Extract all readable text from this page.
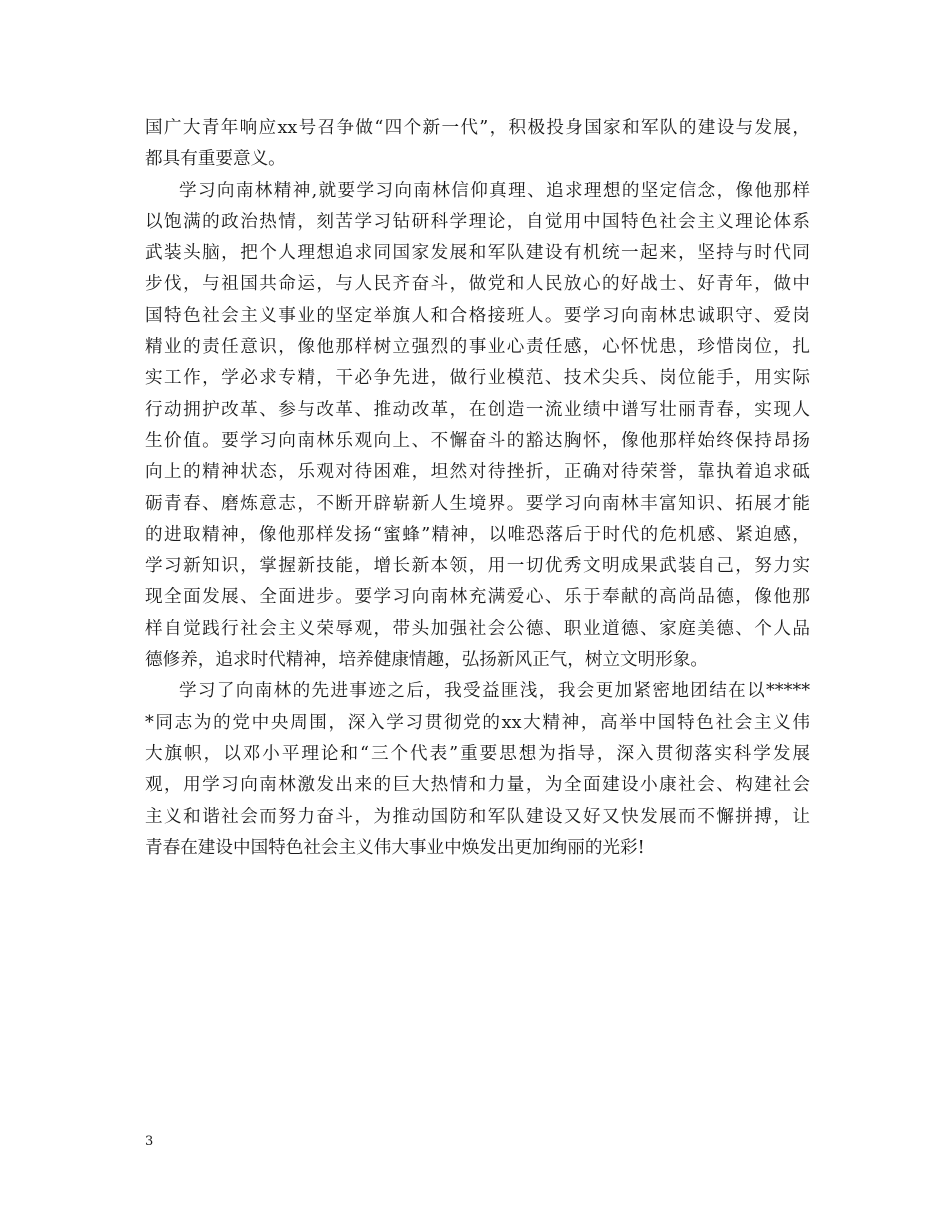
国广大青年响应xx号召争做“四个新一代”，积极投身国家和军队的建设与发展，
都具有重要意义。
学习向南林精神,就要学习向南林信仰真理、追求理想的坚定信念，像他那样
以饱满的政治热情，刻苦学习钻研科学理论，自觉用中国特色社会主义理论体系
武装头脑，把个人理想追求同国家发展和军队建设有机统一起来，坚持与时代同
步伐，与祖国共命运，与人民齐奋斗，做党和人民放心的好战士、好青年，做中
国特色社会主义事业的坚定举旗人和合格接班人。要学习向南林忠诚职守、爱岗
精业的责任意识，像他那样树立强烈的事业心责任感，心怀忧患，珍惜岗位，扎
实工作，学必求专精，干必争先进，做行业模范、技术尖兵、岗位能手，用实际
行动拥护改革、参与改革、推动改革，在创造一流业绩中谱写壮丽青春，实现人
生价值。要学习向南林乐观向上、不懈奋斗的豁达胸怀，像他那样始终保持昂扬
向上的精神状态，乐观对待困难，坦然对待挫折，正确对待荣誉，靠执着追求砥
砺青春、磨炼意志，不断开辟崭新人生境界。要学习向南林丰富知识、拓展才能
的进取精神，像他那样发扬“蜜蜂”精神，以唯恐落后于时代的危机感、紧迫感，
学习新知识，掌握新技能，增长新本领，用一切优秀文明成果武装自己，努力实
现全面发展、全面进步。要学习向南林充满爱心、乐于奉献的高尚品德，像他那
样自觉践行社会主义荣辱观，带头加强社会公德、职业道德、家庭美德、个人品
德修养，追求时代精神，培养健康情趣，弘扬新风正气，树立文明形象。
学习了向南林的先进事迹之后，我受益匪浅，我会更加紧密地团结在以*****
*同志为的党中央周围，深入学习贯彻党的xx大精神，高举中国特色社会主义伟
大旗帜，以邓小平理论和“三个代表”重要思想为指导，深入贯彻落实科学发展
观，用学习向南林激发出来的巨大热情和力量，为全面建设小康社会、构建社会
主义和谐社会而努力奋斗，为推动国防和军队建设又好又快发展而不懈拼搏，让
青春在建设中国特色社会主义伟大事业中焕发出更加绚丽的光彩!
3
